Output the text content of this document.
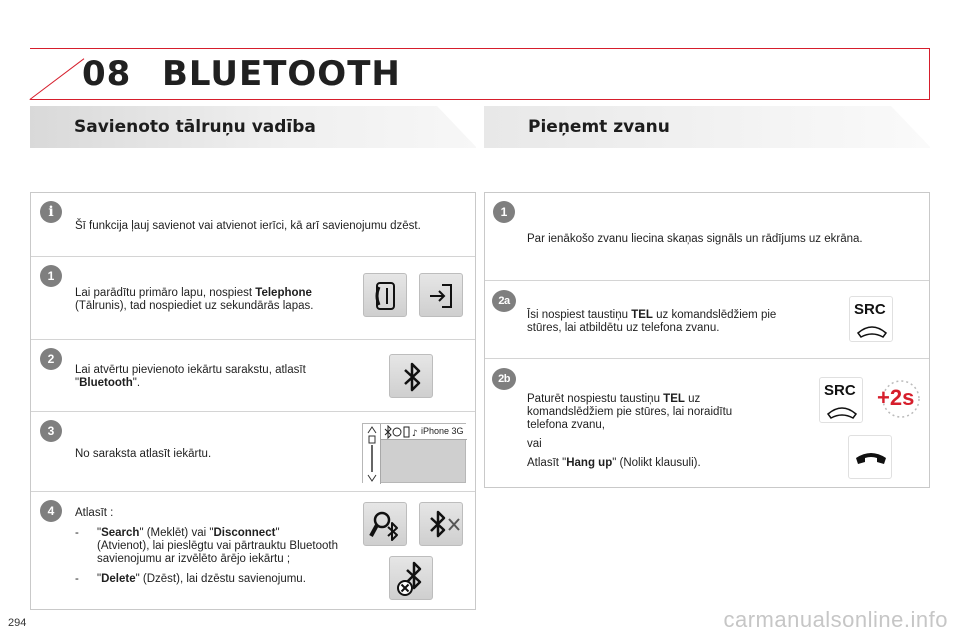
08 BLUETOOTH
Savienoto tālruņu vadība	Pieņemt zvanu
i
Šī funkcija ļauj savienot vai atvienot ierīci, kā arī savienojumu dzēst.
1
Lai parādītu primāro lapu, nospiest Telephone
(Tālrunis), tad nospiediet uz sekundārās lapas.
2
Lai atvērtu pievienoto iekārtu sarakstu, atlasīt "Bluetooth".
3
No saraksta atlasīt iekārtu.
♪ iPhone 3G
4	Atlasīt :
- "Search" (Meklēt) vai "Disconnect"
(Atvienot), lai pieslēgtu vai pārtrauktu Bluetooth savienojumu ar izvēlēto ārējo iekārtu ;
- "Delete" (Dzēst), lai dzēstu savienojumu.
1
Par ienākošo zvanu liecina skaņas signāls un rādījums uz ekrāna.
2a
Īsi nospiest taustiņu TEL uz komandslēdžiem pie stūres, lai atbildētu uz telefona zvanu.
SRC
2b
Paturēt nospiestu taustiņu TEL uz komandslēdžiem pie stūres, lai noraidītu telefona zvanu,
vai
Atlasīt "Hang up" (Nolikt klausuli).
SRC +2s
294	carmanualsonline.info
